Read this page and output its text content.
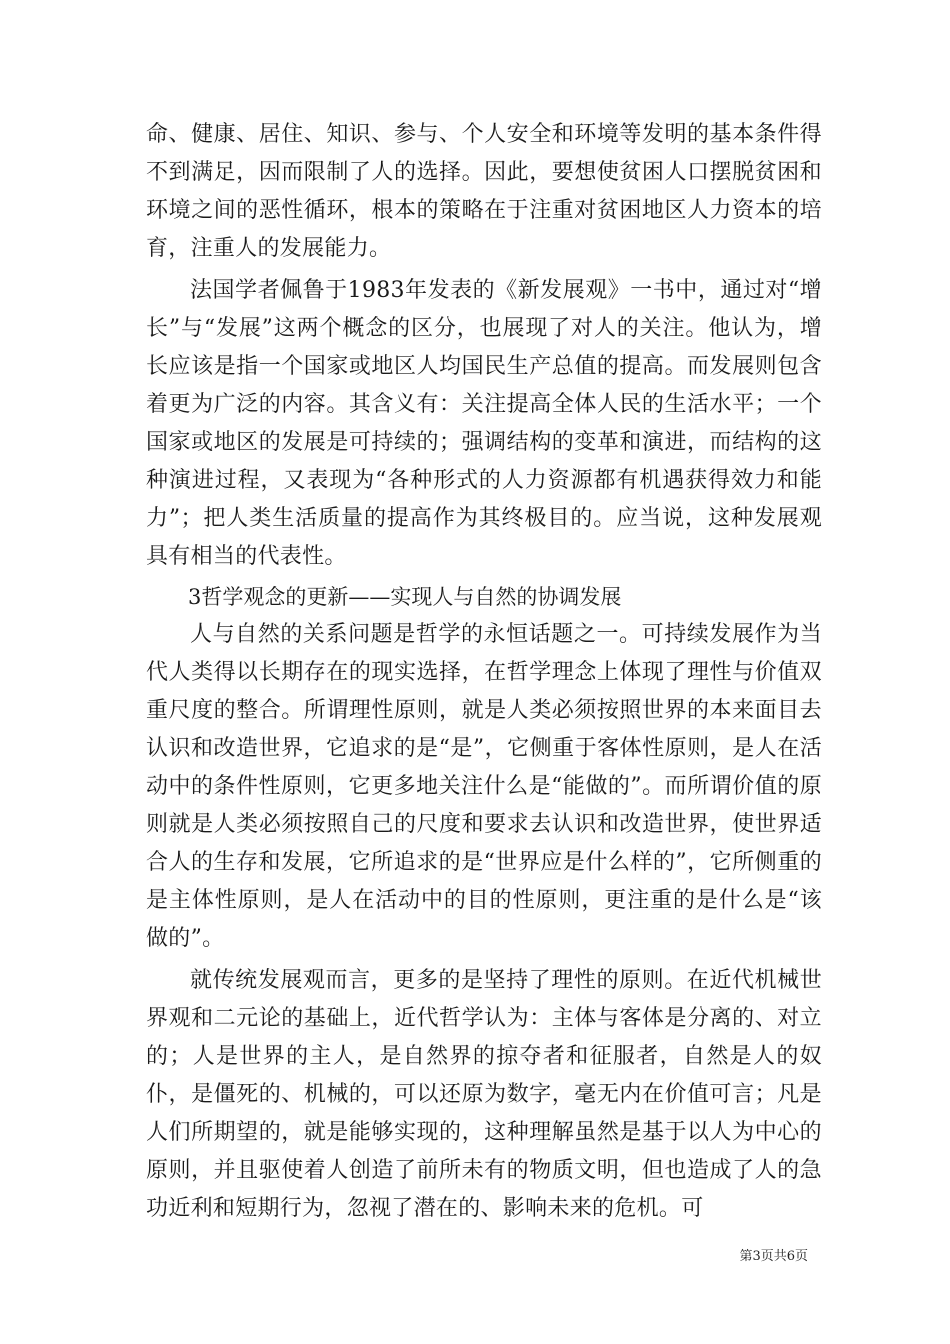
命、健康、居住、知识、参与、个人安全和环境等发明的基本条件得不到满足，因而限制了人的选择。因此，要想使贫困人口摆脱贫困和环境之间的恶性循环，根本的策略在于注重对贫困地区人力资本的培育，注重人的发展能力。

法国学者佩鲁于1983年发表的《新发展观》一书中，通过对“增长”与“发展”这两个概念的区分，也展现了对人的关注。他认为，增长应该是指一个国家或地区人均国民生产总值的提高。而发展则包含着更为广泛的内容。其含义有：关注提高全体人民的生活水平；一个国家或地区的发展是可持续的；强调结构的变革和演进，而结构的这种演进过程，又表现为“各种形式的人力资源都有机遇获得效力和能力”；把人类生活质量的提高作为其终极目的。应当说，这种发展观具有相当的代表性。

3哲学观念的更新——实现人与自然的协调发展

人与自然的关系问题是哲学的永恒话题之一。可持续发展作为当代人类得以长期存在的现实选择，在哲学理念上体现了理性与价值双重尺度的整合。所谓理性原则，就是人类必须按照世界的本来面目去认识和改造世界，它追求的是“是”，它侧重于客体性原则，是人在活动中的条件性原则，它更多地关注什么是“能做的”。而所谓价值的原则就是人类必须按照自己的尺度和要求去认识和改造世界，使世界适合人的生存和发展，它所追求的是“世界应是什么样的”，它所侧重的是主体性原则，是人在活动中的目的性原则，更注重的是什么是“该做的”。

就传统发展观而言，更多的是坚持了理性的原则。在近代机械世界观和二元论的基础上，近代哲学认为：主体与客体是分离的、对立的；人是世界的主人，是自然界的掠夺者和征服者，自然是人的奴仆，是僵死的、机械的，可以还原为数字，毫无内在价值可言；凡是人们所期望的，就是能够实现的，这种理解虽然是基于以人为中心的原则，并且驱使着人创造了前所未有的物质文明，但也造成了人的急功近利和短期行为，忽视了潜在的、影响未来的危机。可

第3页共6页
